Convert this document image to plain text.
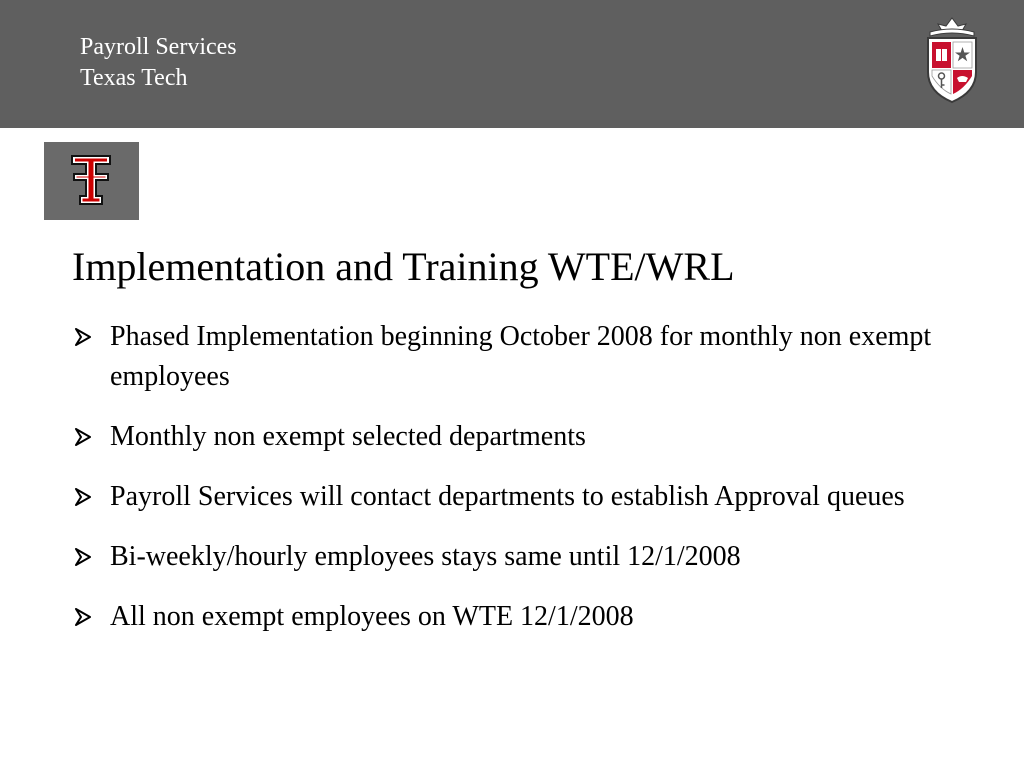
Payroll Services
Texas Tech
Implementation and Training WTE/WRL
Phased Implementation beginning October 2008 for monthly non exempt employees
Monthly non exempt selected departments
Payroll Services will contact departments to establish Approval queues
Bi-weekly/hourly employees stays same until 12/1/2008
All non exempt employees on WTE 12/1/2008
